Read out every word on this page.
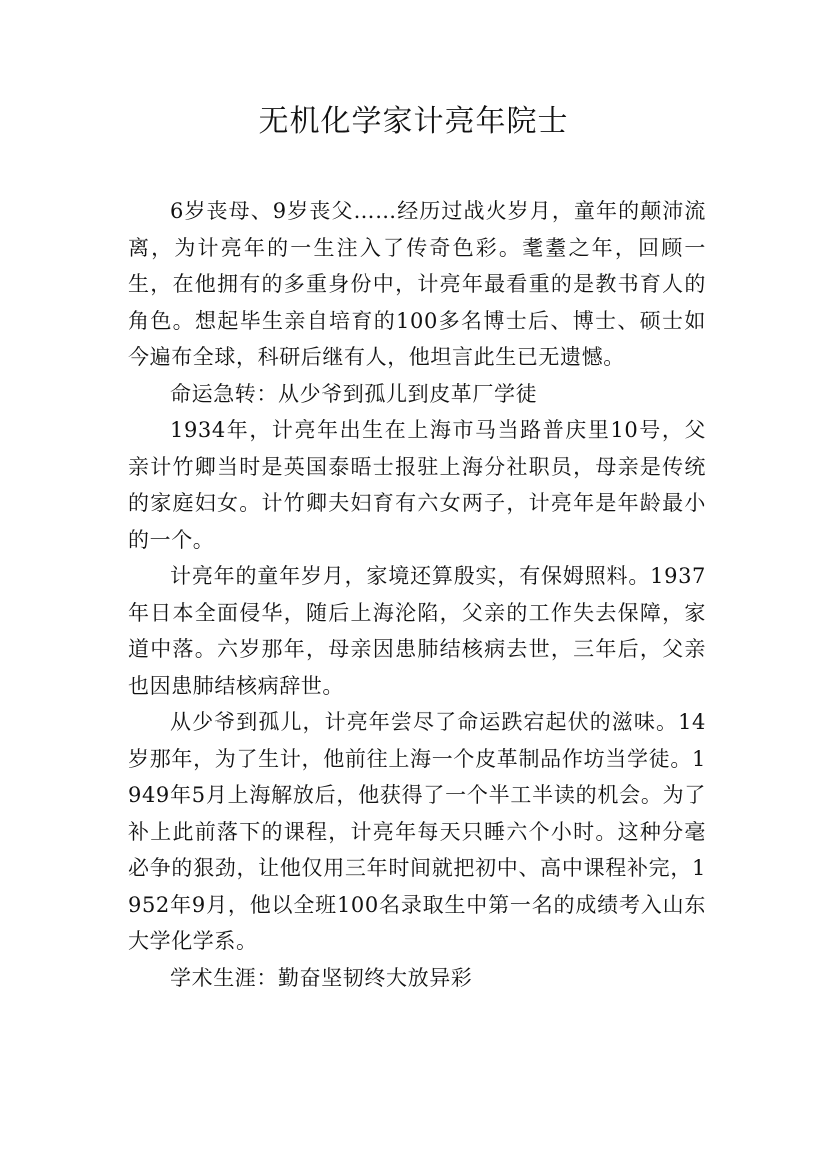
无机化学家计亮年院士

6岁丧母、9岁丧父……经历过战火岁月，童年的颠沛流离，为计亮年的一生注入了传奇色彩。耄耋之年，回顾一生，在他拥有的多重身份中，计亮年最看重的是教书育人的角色。想起毕生亲自培育的100多名博士后、博士、硕士如今遍布全球，科研后继有人，他坦言此生已无遗憾。

命运急转：从少爷到孤儿到皮革厂学徒

1934年，计亮年出生在上海市马当路普庆里10号，父亲计竹卿当时是英国泰晤士报驻上海分社职员，母亲是传统的家庭妇女。计竹卿夫妇育有六女两子，计亮年是年龄最小的一个。

计亮年的童年岁月，家境还算殷实，有保姆照料。1937年日本全面侵华，随后上海沦陷，父亲的工作失去保障，家道中落。六岁那年，母亲因患肺结核病去世，三年后，父亲也因患肺结核病辞世。

从少爷到孤儿，计亮年尝尽了命运跌宕起伏的滋味。14岁那年，为了生计，他前往上海一个皮革制品作坊当学徒。1949年5月上海解放后，他获得了一个半工半读的机会。为了补上此前落下的课程，计亮年每天只睡六个小时。这种分毫必争的狠劲，让他仅用三年时间就把初中、高中课程补完，1952年9月，他以全班100名录取生中第一名的成绩考入山东大学化学系。

学术生涯：勤奋坚韧终大放异彩
